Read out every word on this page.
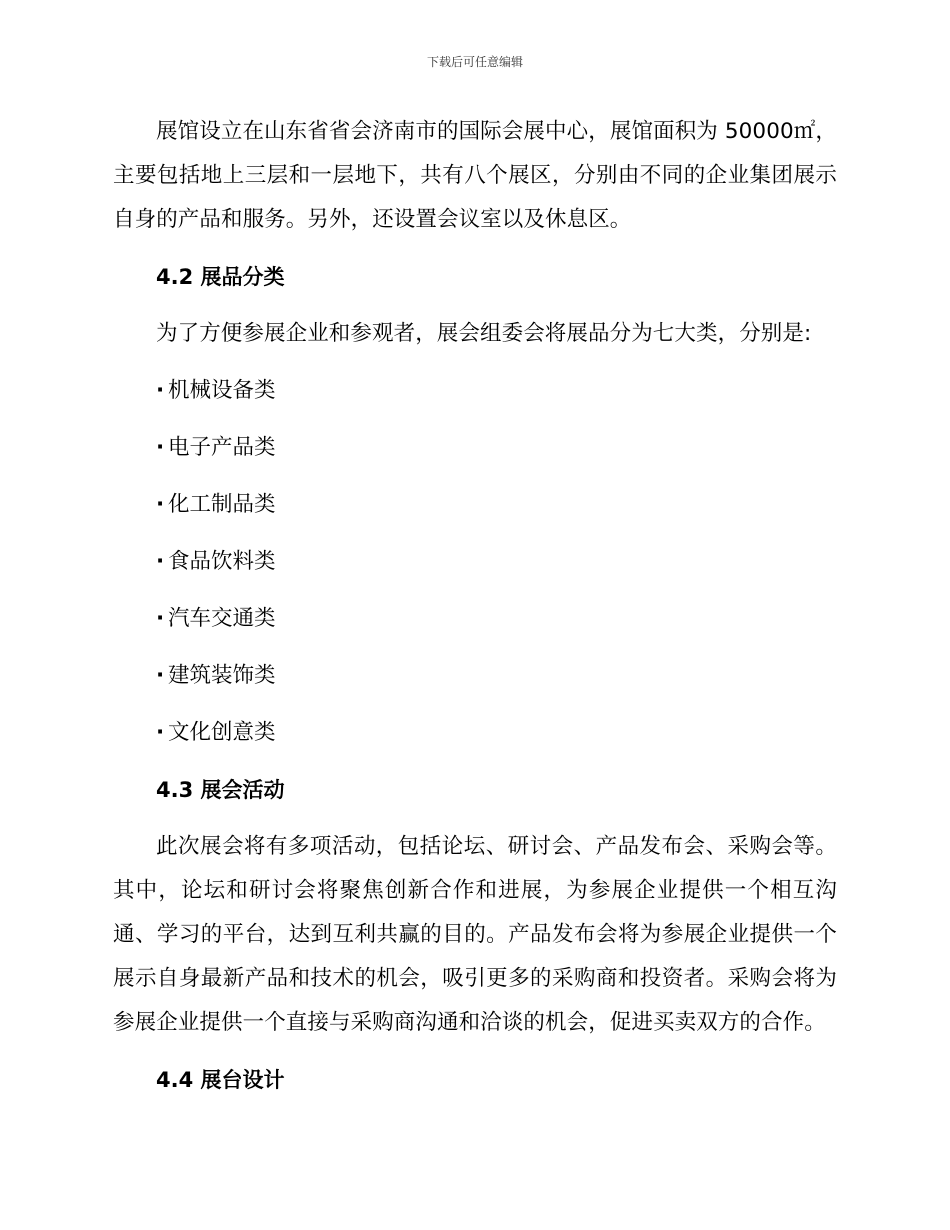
下载后可任意编辑

展馆设立在山东省省会济南市的国际会展中心，展馆面积为 50000㎡，主要包括地上三层和一层地下，共有八个展区，分别由不同的企业集团展示自身的产品和服务。另外，还设置会议室以及休息区。

4.2 展品分类

为了方便参展企业和参观者，展会组委会将展品分为七大类，分别是:

· 机械设备类
· 电子产品类
· 化工制品类
· 食品饮料类
· 汽车交通类
· 建筑装饰类
· 文化创意类
4.3 展会活动

此次展会将有多项活动，包括论坛、研讨会、产品发布会、采购会等。其中，论坛和研讨会将聚焦创新合作和进展，为参展企业提供一个相互沟通、学习的平台，达到互利共赢的目的。产品发布会将为参展企业提供一个展示自身最新产品和技术的机会，吸引更多的采购商和投资者。采购会将为参展企业提供一个直接与采购商沟通和洽谈的机会，促进买卖双方的合作。

4.4 展台设计
